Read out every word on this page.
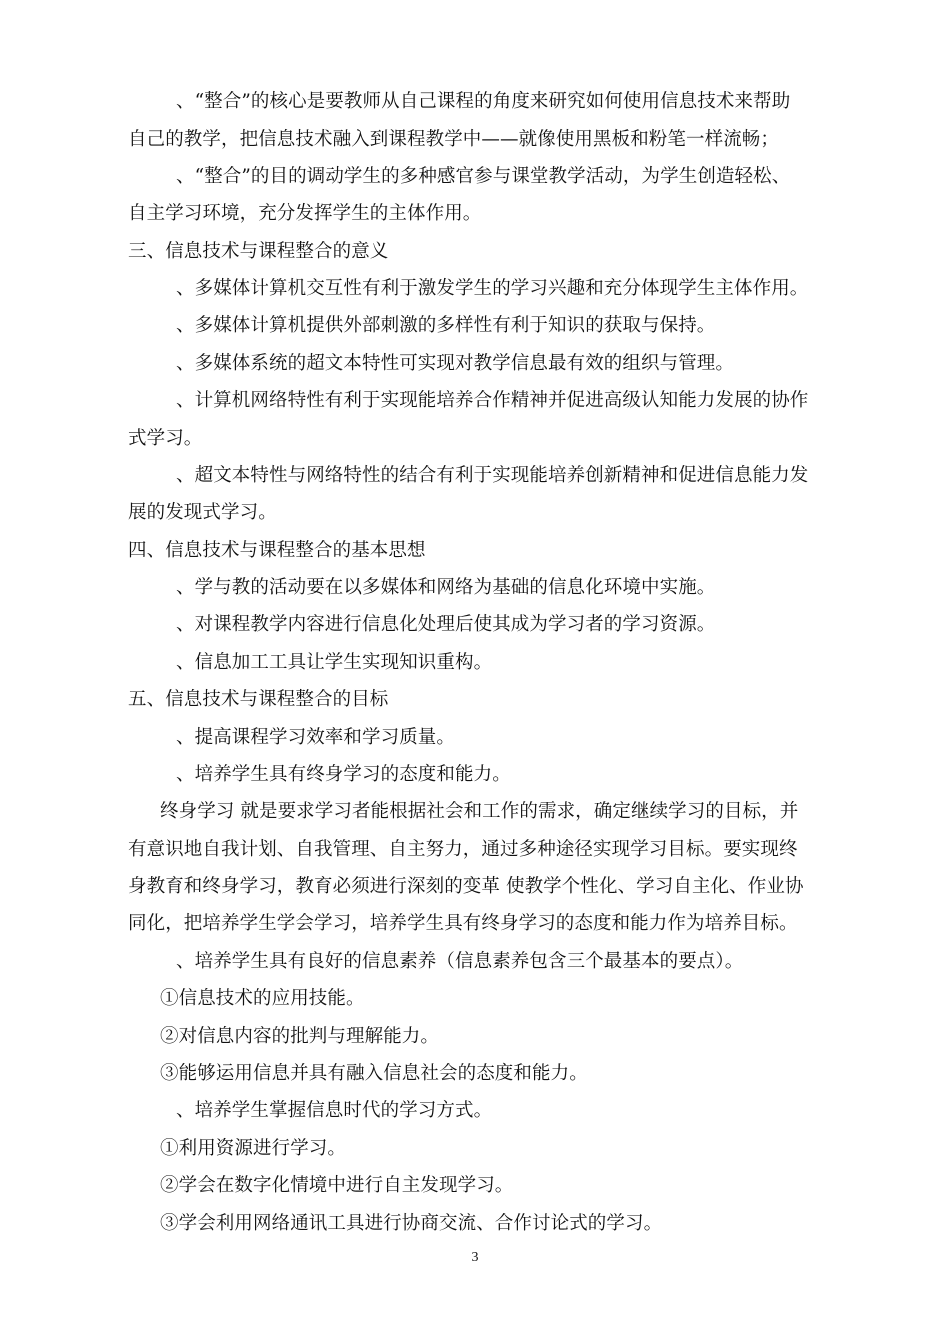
、“整合”的核心是要教师从自己课程的角度来研究如何使用信息技术来帮助
自己的教学，把信息技术融入到课程教学中——就像使用黑板和粉笔一样流畅；
、“整合”的目的调动学生的多种感官参与课堂教学活动，为学生创造轻松、
自主学习环境，充分发挥学生的主体作用。
三、信息技术与课程整合的意义
、多媒体计算机交互性有利于激发学生的学习兴趣和充分体现学生主体作用。
、多媒体计算机提供外部刺激的多样性有利于知识的获取与保持。
、多媒体系统的超文本特性可实现对教学信息最有效的组织与管理。
、计算机网络特性有利于实现能培养合作精神并促进高级认知能力发展的协作
式学习。
、超文本特性与网络特性的结合有利于实现能培养创新精神和促进信息能力发
展的发现式学习。
四、信息技术与课程整合的基本思想
、学与教的活动要在以多媒体和网络为基础的信息化环境中实施。
、对课程教学内容进行信息化处理后使其成为学习者的学习资源。
、信息加工工具让学生实现知识重构。
五、信息技术与课程整合的目标
、提高课程学习效率和学习质量。
、培养学生具有终身学习的态度和能力。
终身学习 就是要求学习者能根据社会和工作的需求，确定继续学习的目标，并
有意识地自我计划、自我管理、自主努力，通过多种途径实现学习目标。要实现终
身教育和终身学习，教育必须进行深刻的变革 使教学个性化、学习自主化、作业协
同化，把培养学生学会学习，培养学生具有终身学习的态度和能力作为培养目标。
、培养学生具有良好的信息素养（信息素养包含三个最基本的要点）。
①信息技术的应用技能。
②对信息内容的批判与理解能力。
③能够运用信息并具有融入信息社会的态度和能力。
、培养学生掌握信息时代的学习方式。
①利用资源进行学习。
②学会在数字化情境中进行自主发现学习。
③学会利用网络通讯工具进行协商交流、合作讨论式的学习。
3
